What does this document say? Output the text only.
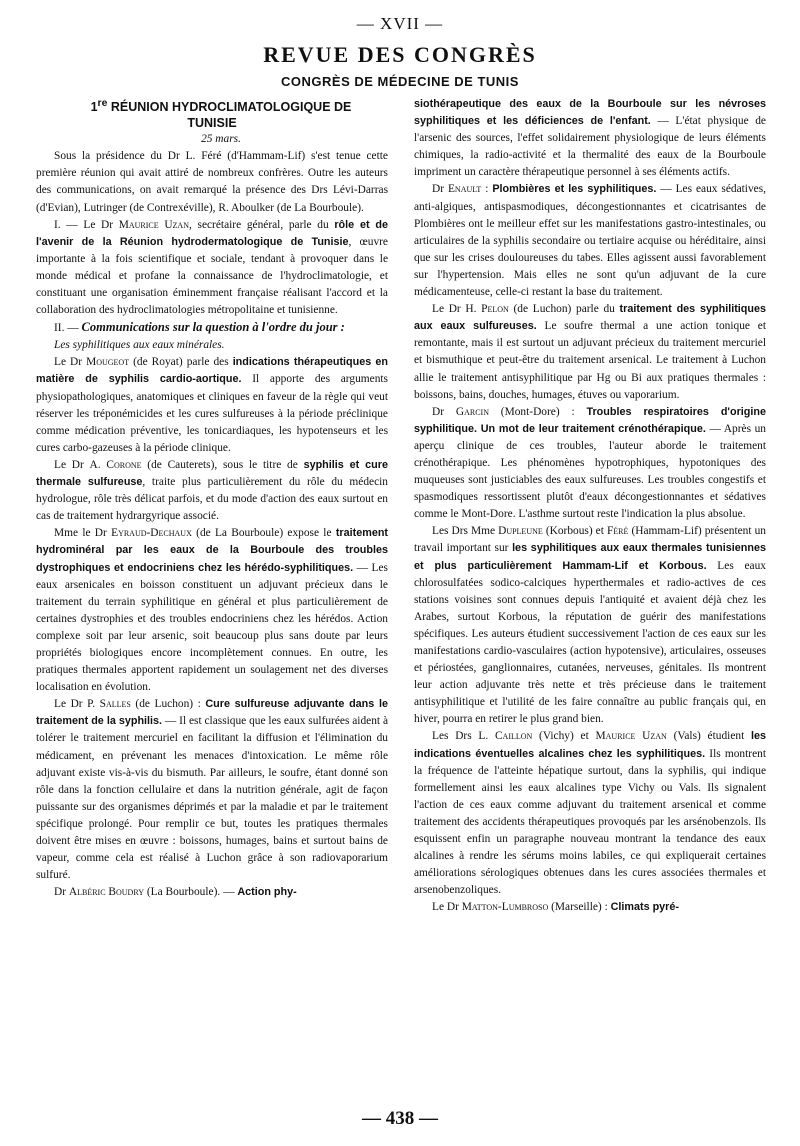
— XVII —
REVUE DES CONGRÈS
CONGRÈS DE MÉDECINE DE TUNIS

1re RÉUNION HYDROCLIMATOLOGIQUE DE
TUNISIE

25 mars.

Sous la présidence du Dr L. Féré (d'Hammam-Lif) s'est tenue cette première réunion qui avait attiré de nombreux confrères. Outre les auteurs des communications, on avait remarqué la présence des Drs Lévi-Darras (d'Evian), Lutringer (de Contrexéville), R. Aboulker (de La Bourboule).

I. — Le Dr Maurice Uzan, secrétaire général, parle du rôle et de l'avenir de la Réunion hydrodermatologique de Tunisie, œuvre importante à la fois scientifique et sociale, tendant à provoquer dans le monde médical et profane la connaissance de l'hydroclimatologie, et constituant une organisation éminemment française réalisant l'accord et la collaboration des hydroclimatologies métropolitaine et tunisienne.

II. — Communications sur la question à l'ordre du jour :

Les syphilitiques aux eaux minérales.

Le Dr Mougeot (de Royat) parle des indications thérapeutiques en matière de syphilis cardio-aortique. Il apporte des arguments physiopathologiques, anatomiques et cliniques en faveur de la règle qui veut réserver les tréponémicides et les cures sulfureuses à la période préclinique comme médication préventive, les tonicardiaques, les hypotenseurs et les cures carbo-gazeuses à la période clinique.

Le Dr A. Corone (de Cauterets), sous le titre de syphilis et cure thermale sulfureuse, traite plus particulièrement du rôle du médecin hydrologue, rôle très délicat parfois, et du mode d'action des eaux surtout en cas de traitement hydrargyrique associé.

Mme le Dr Eyraud-Dechaux (de La Bourboule) expose le traitement hydrominéral par les eaux de la Bourboule des troubles dystrophiques et endocriniens chez les hérédo-syphilitiques. — Les eaux arsenicales en boisson constituent un adjuvant précieux dans le traitement du terrain syphilitique en général et plus particulièrement de certaines dystrophies et des troubles endocriniens chez les hérédos. Action complexe soit par leur arsenic, soit beaucoup plus sans doute par leurs propriétés biologiques encore incomplètement connues. En outre, les pratiques thermales apportent rapidement un soulagement net des diverses localisation en évolution.

Le Dr P. Salles (de Luchon) : Cure sulfureuse adjuvante dans le traitement de la syphilis. — Il est classique que les eaux sulfurées aident à tolérer le traitement mercuriel en facilitant la diffusion et l'élimination du médicament, en prévenant les menaces d'intoxication. Le même rôle adjuvant existe vis-à-vis du bismuth. Par ailleurs, le soufre, étant donné son rôle dans la fonction cellulaire et dans la nutrition générale, agit de façon puissante sur des organismes déprimés et par la maladie et par le traitement spécifique prolongé. Pour remplir ce but, toutes les pratiques thermales doivent être mises en œuvre : boissons, humages, bains et surtout bains de vapeur, comme cela est réalisé à Luchon grâce à son radiovaporarium sulfuré.

Dr Albéric Boudry (La Bourboule). — Action phy-

siothérapeutique des eaux de la Bourboule sur les névroses syphilitiques et les déficiences de l'enfant. — L'état physique de l'arsenic des sources, l'effet solidairement physiologique de leurs éléments chimiques, la radio-activité et la thermalité des eaux de la Bourboule impriment un caractère thérapeutique personnel à ses éléments actifs.

Dr Enault : Plombières et les syphilitiques. — Les eaux sédatives, anti-algiques, antispasmodiques, décongestionnantes et cicatrisantes de Plombières ont le meilleur effet sur les manifestations gastro-intestinales, ou articulaires de la syphilis secondaire ou tertiaire acquise ou héréditaire, ainsi que sur les crises douloureuses du tabes. Elles agissent aussi favorablement sur l'hypertension. Mais elles ne sont qu'un adjuvant de la cure médicamenteuse, celle-ci restant la base du traitement.

Le Dr H. Pelon (de Luchon) parle du traitement des syphilitiques aux eaux sulfureuses. Le soufre thermal a une action tonique et remontante, mais il est surtout un adjuvant précieux du traitement mercuriel et bismuthique et peut-être du traitement arsenical. Le traitement à Luchon allie le traitement antisyphilitique par Hg ou Bi aux pratiques thermales : boissons, bains, douches, humages, étuves ou vaporarium.

Dr Garcin (Mont-Dore) : Troubles respiratoires d'origine syphilitique. Un mot de leur traitement crénothérapique. — Après un aperçu clinique de ces troubles, l'auteur aborde le traitement crénothérapique. Les phénomènes hypotrophiques, hypotoniques des muqueuses sont justiciables des eaux sulfureuses. Les troubles congestifs et spasmodiques ressortissent plutôt d'eaux décongestionnantes et sédatives comme le Mont-Dore. L'asthme surtout reste l'indication la plus absolue.

Les Drs Mme Dupleune (Korbous) et Féré (Hammam-Lif) présentent un travail important sur les syphilitiques aux eaux thermales tunisiennes et plus particulièrement Hammam-Lif et Korbous. Les eaux chlorosulfatées sodico-calciques hyperthermales et radio-actives de ces stations voisines sont connues depuis l'antiquité et avaient déjà chez les Arabes, surtout Korbous, la réputation de guérir des manifestations spécifiques. Les auteurs étudient successivement l'action de ces eaux sur les manifestations cardio-vasculaires (action hypotensive), articulaires, osseuses et périostées, ganglionnaires, cutanées, nerveuses, génitales. Ils montrent leur action adjuvante très nette et très précieuse dans le traitement antisyphilitique et l'utilité de les faire connaître au public français qui, en hiver, pourra en retirer le plus grand bien.

Les Drs L. Caillon (Vichy) et Maurice Uzan (Vals) étudient les indications éventuelles alcalines chez les syphilitiques. Ils montrent la fréquence de l'atteinte hépatique surtout, dans la syphilis, qui indique formellement ainsi les eaux alcalines type Vichy ou Vals. Ils signalent l'action de ces eaux comme adjuvant du traitement arsenical et comme traitement des accidents thérapeutiques provoqués par les arsénobenzols. Ils esquissent enfin un paragraphe nouveau montrant la tendance des eaux alcalines à rendre les sérums moins labiles, ce qui expliquerait certaines améliorations sérologiques obtenues dans les cures associées thermales et arsenobenzoliques.

Le Dr Matton-Lumbroso (Marseille) : Climats pyré-

— 438 —
